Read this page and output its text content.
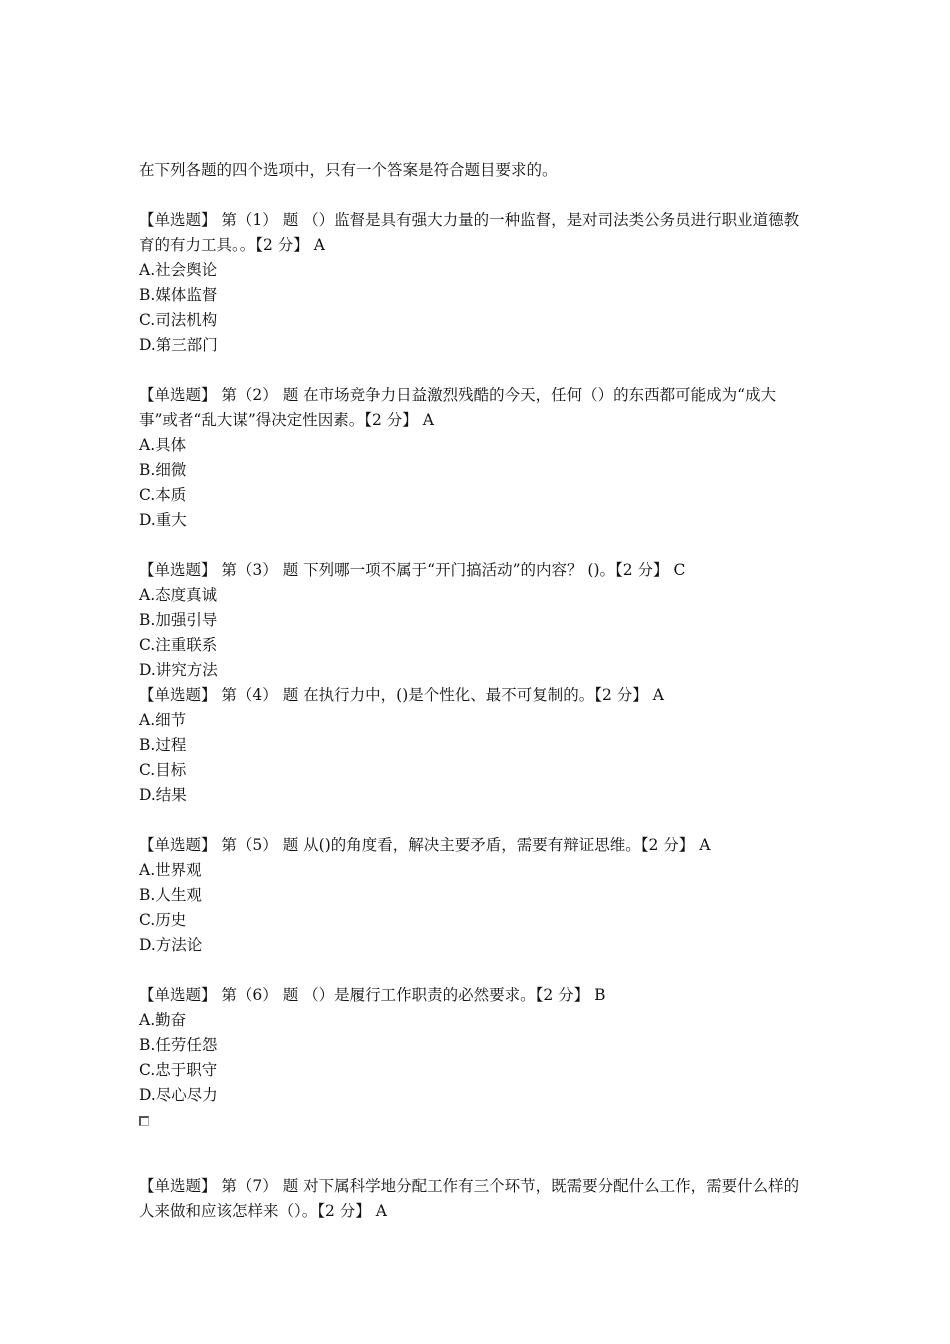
在下列各题的四个选项中，只有一个答案是符合题目要求的。
【单选题】 第（1） 题 （）监督是具有强大力量的一种监督，是对司法类公务员进行职业道德教育的有力工具。。【2 分】 A
A.社会舆论
B.媒体监督
C.司法机构
D.第三部门
【单选题】 第（2） 题 在市场竞争力日益激烈残酷的今天，任何（）的东西都可能成为“成大事”或者“乱大谋”得决定性因素。【2 分】 A
A.具体
B.细微
C.本质
D.重大
【单选题】 第（3） 题 下列哪一项不属于“开门搞活动”的内容？ ()。【2 分】 C
A.态度真诚
B.加强引导
C.注重联系
D.讲究方法
【单选题】 第（4） 题 在执行力中，()是个性化、最不可复制的。【2 分】 A
A.细节
B.过程
C.目标
D.结果
【单选题】 第（5） 题 从()的角度看，解决主要矛盾，需要有辩证思维。【2 分】 A
A.世界观
B.人生观
C.历史
D.方法论
【单选题】 第（6） 题 （）是履行工作职责的必然要求。【2 分】 B
A.勤奋
B.任劳任怨
C.忠于职守
D.尽心尽力
【单选题】 第（7） 题 对下属科学地分配工作有三个环节，既需要分配什么工作，需要什么样的人来做和应该怎样来（）。【2 分】 A
